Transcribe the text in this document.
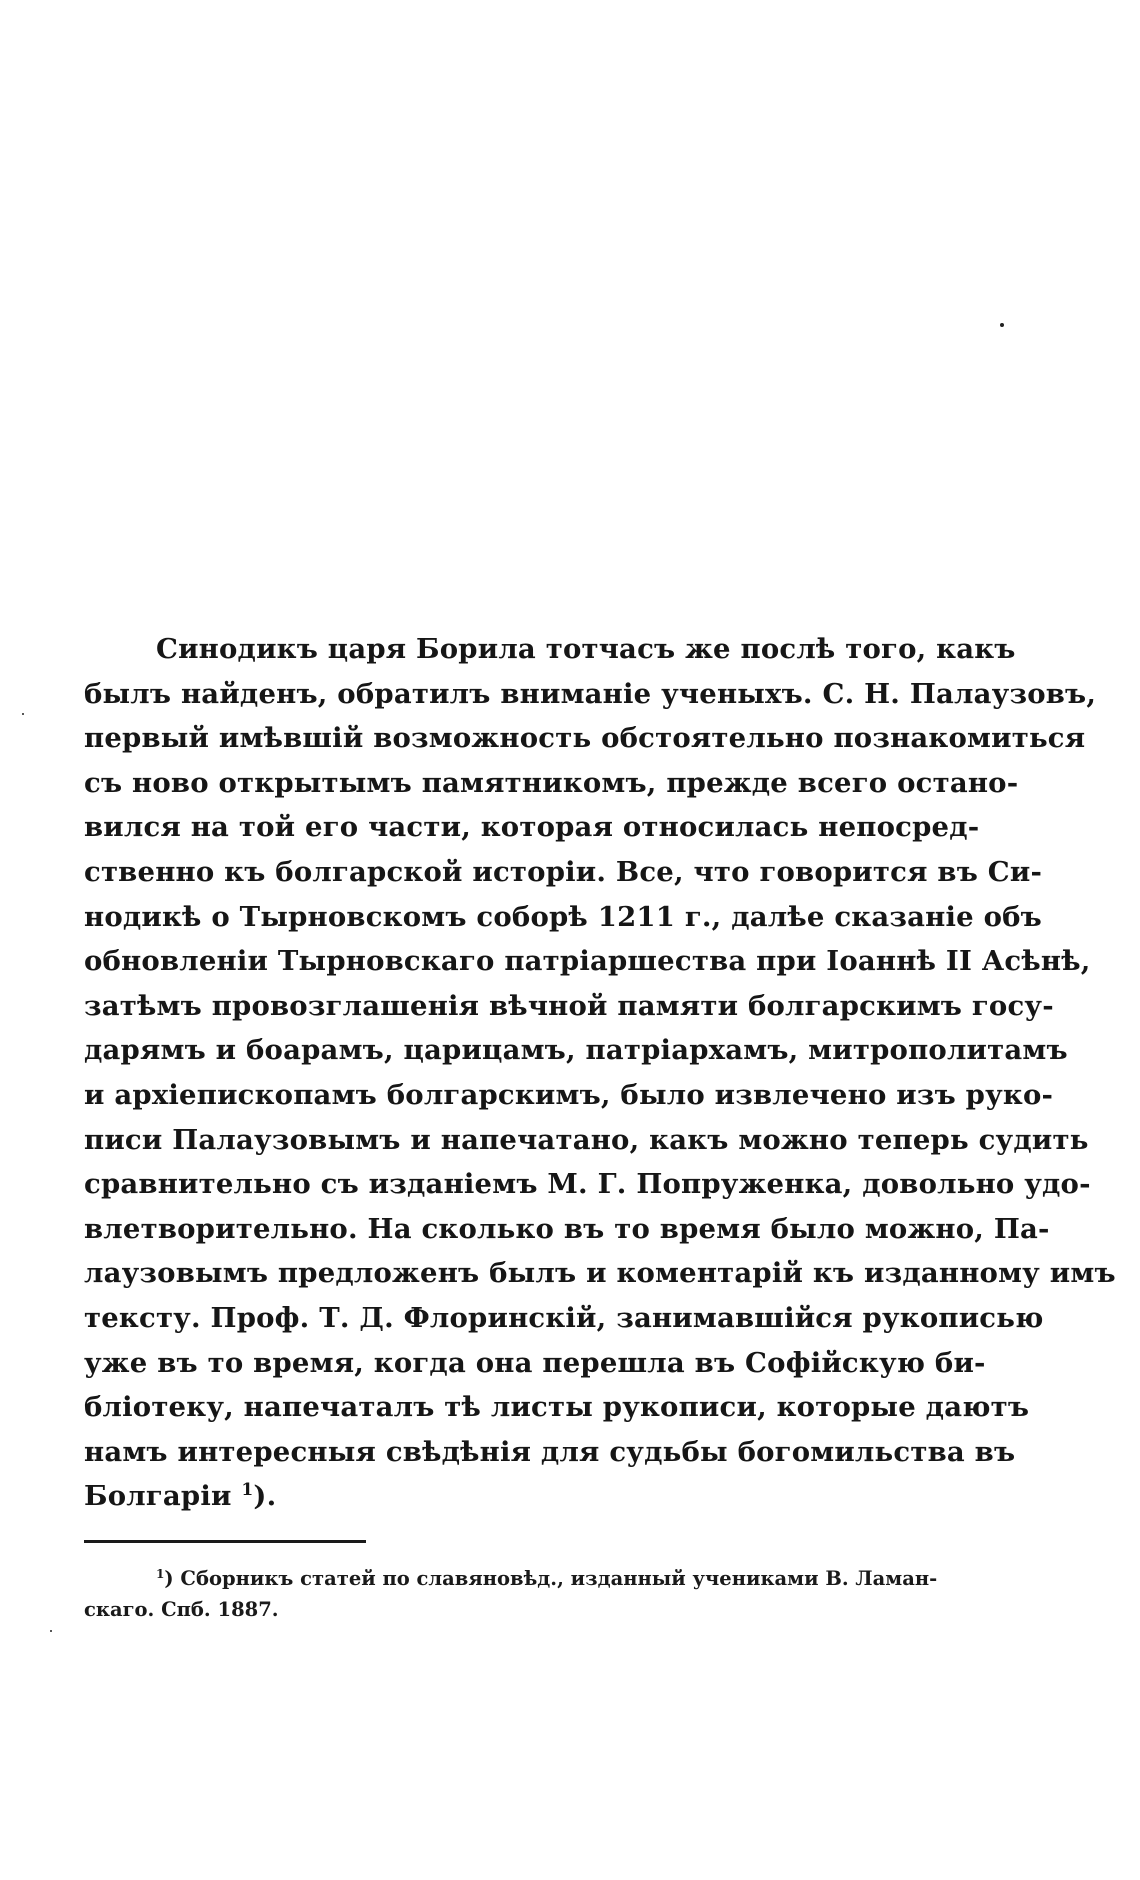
Синодикъ царя Борила тотчасъ же послѣ того, какъ
былъ найденъ, обратилъ вниманіе ученыхъ. С. Н. Палаузовъ,
первый имѣвшій возможность обстоятельно познакомиться
съ ново открытымъ памятникомъ, прежде всего остано-
вился на той его части, которая относилась непосред-
ственно къ болгарской исторіи. Все, что говорится въ Си-
нодикѣ о Тырновскомъ соборѣ 1211 г., далѣе сказаніе объ
обновленіи Тырновскаго патріаршества при Іоаннѣ II Асѣнѣ,
затѣмъ провозглашенія вѣчной памяти болгарскимъ госу-
дарямъ и боарамъ, царицамъ, патріархамъ, митрополитамъ
и архіепископамъ болгарскимъ, было извлечено изъ руко-
писи Палаузовымъ и напечатано, какъ можно теперь судить
сравнительно съ изданіемъ М. Г. Попруженка, довольно удо-
влетворительно. На сколько въ то время было можно, Па-
лаузовымъ предложенъ былъ и коментарій къ изданному имъ
тексту. Проф. Т. Д. Флоринскій, занимавшійся рукописью
уже въ то время, когда она перешла въ Софійскую би-
бліотеку, напечаталъ тѣ листы рукописи, которые даютъ
намъ интересныя свѣдѣнія для судьбы богомильства въ
Болгаріи $^1$).
$^1$) Сборникъ статей по славяновѣд., изданный учениками В. Ламан-
скаго. Спб. 1887.
